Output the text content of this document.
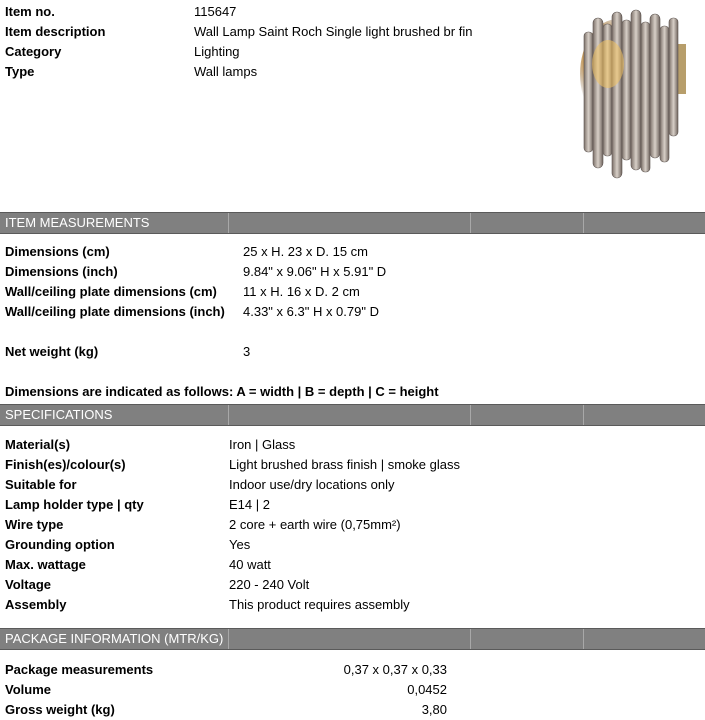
Item no.	115647
Item description	Wall Lamp Saint Roch Single light brushed br fin
Category	Lighting
Type	Wall lamps
ITEM MEASUREMENTS
Dimensions (cm)	25 x H. 23 x D. 15 cm
Dimensions (inch)	9.84" x 9.06" H x 5.91" D
Wall/ceiling plate dimensions (cm) 11 x H. 16 x D. 2 cm
Wall/ceiling plate dimensions (inch) 4.33" x 6.3" H x 0.79" D
Net weight (kg)	3
Dimensions are indicated as follows: A = width | B = depth | C = height
SPECIFICATIONS
Material(s)	Iron | Glass
Finish(es)/colour(s)	Light brushed brass finish | smoke glass
Suitable for	Indoor use/dry locations only
Lamp holder type | qty	E14 | 2
Wire type	2 core + earth wire (0,75mm²)
Grounding option	Yes
Max. wattage	40 watt
Voltage	220 - 240 Volt
Assembly	This product requires assembly
PACKAGE INFORMATION (MTR/KG)
Package measurements	0,37 x 0,37 x 0,33
Volume	0,0452
Gross weight (kg)	3,80
